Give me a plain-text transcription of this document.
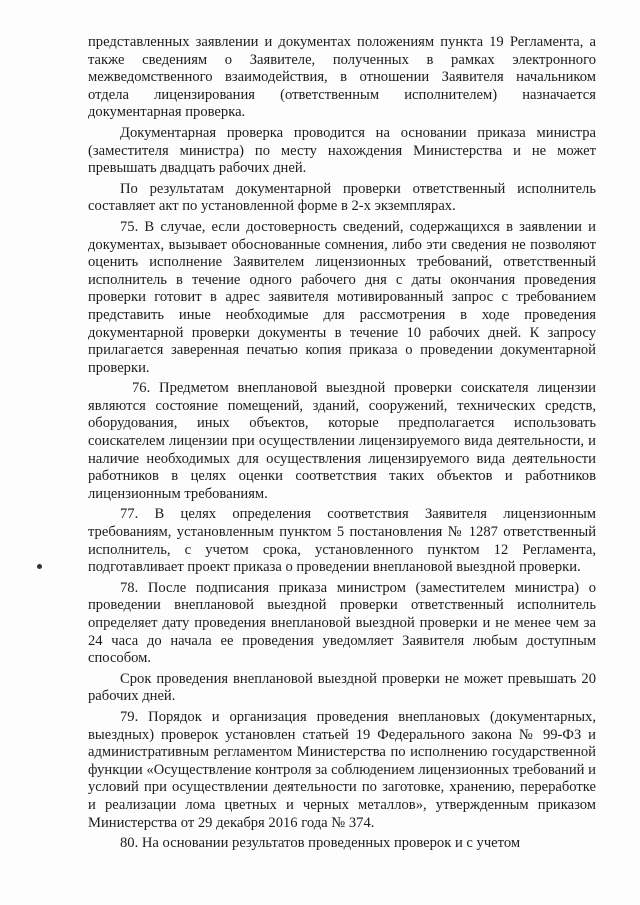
представленных заявлении и документах положениям пункта 19 Регламента, а также сведениям о Заявителе, полученных в рамках электронного межведомственного взаимодействия, в отношении Заявителя начальником отдела лицензирования (ответственным исполнителем) назначается документарная проверка.

Документарная проверка проводится на основании приказа министра (заместителя министра) по месту нахождения Министерства и не может превышать двадцать рабочих дней.

По результатам документарной проверки ответственный исполнитель составляет акт по установленной форме в 2-х экземплярах.

75. В случае, если достоверность сведений, содержащихся в заявлении и документах, вызывает обоснованные сомнения, либо эти сведения не позволяют оценить исполнение Заявителем лицензионных требований, ответственный исполнитель в течение одного рабочего дня с даты окончания проведения проверки готовит в адрес заявителя мотивированный запрос с требованием представить иные необходимые для рассмотрения в ходе проведения документарной проверки документы в течение 10 рабочих дней. К запросу прилагается заверенная печатью копия приказа о проведении документарной проверки.

76. Предметом внеплановой выездной проверки соискателя лицензии являются состояние помещений, зданий, сооружений, технических средств, оборудования, иных объектов, которые предполагается использовать соискателем лицензии при осуществлении лицензируемого вида деятельности, и наличие необходимых для осуществления лицензируемого вида деятельности работников в целях оценки соответствия таких объектов и работников лицензионным требованиям.

77. В целях определения соответствия Заявителя лицензионным требованиям, установленным пунктом 5 постановления № 1287 ответственный исполнитель, с учетом срока, установленного пунктом 12 Регламента, подготавливает проект приказа о проведении внеплановой выездной проверки.

78. После подписания приказа министром (заместителем министра) о проведении внеплановой выездной проверки ответственный исполнитель определяет дату проведения внеплановой выездной проверки и не менее чем за 24 часа до начала ее проведения уведомляет Заявителя любым доступным способом.

Срок проведения внеплановой выездной проверки не может превышать 20 рабочих дней.

79. Порядок и организация проведения внеплановых (документарных, выездных) проверок установлен статьей 19 Федерального закона № 99-ФЗ и административным регламентом Министерства по исполнению государственной функции «Осуществление контроля за соблюдением лицензионных требований и условий при осуществлении деятельности по заготовке, хранению, переработке и реализации лома цветных и черных металлов», утвержденным приказом Министерства от 29 декабря 2016 года № 374.

80. На основании результатов проведенных проверок и с учетом
